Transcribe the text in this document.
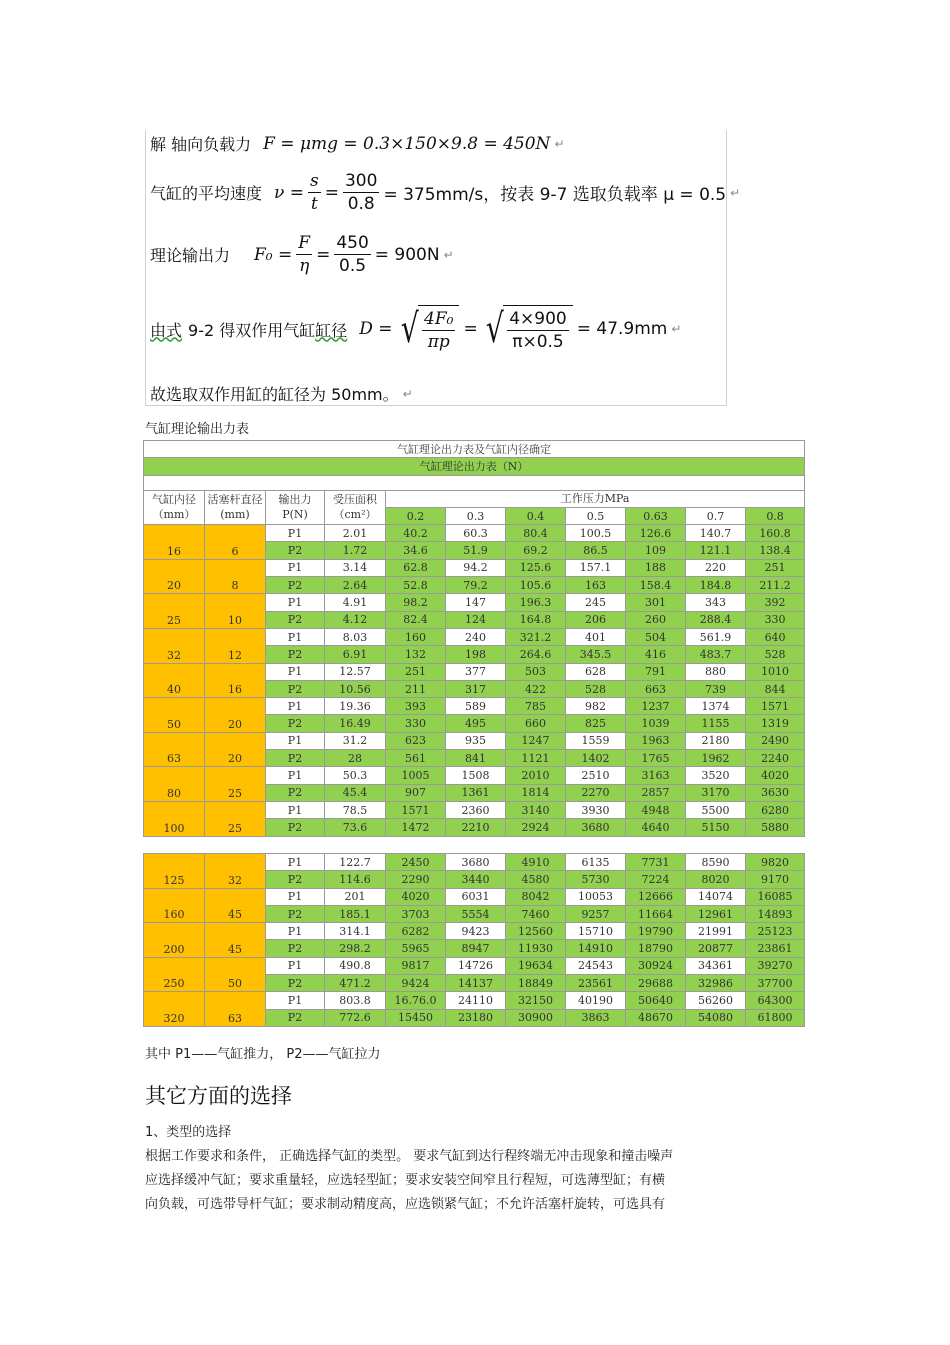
解 轴向负载力 F = μmg = 0.3×150×9.8 = 450N ↵
气缸的平均速度 $\nu = \frac{s}{t} = \frac{300}{0.8} = 375mm/s$，按表 9-7 选取负载率 μ = 0.5 ↵
理论输出力 $F_0 = \frac{F}{\eta} = \frac{450}{0.5} = 900N$ ↵
由式 9-2 得双作用气缸 缸径 D = √ $\frac{\text{4F₀}}{\pi p}$ = √ $\frac{4\times 900}{\pi\times 0.5} = 47.9mm$ ↵
故选取双作用缸的缸径为 50mm。 ↵
气缸理论输出力表
气缸理论出力表及气缸内径确定										
气缸理论出力表（N）										

气缸内径（mm）	活塞杆直径(mm)	输出力P(N)	受压面积（cm²）	工作压力MPa						
				0.2	0.3	0.4	0.5	0.63	0.7	0.8
16	6	P1	2.01	40.2	60.3	80.4	100.5	126.6	140.7	160.8
		P2	1.72	34.6	51.9	69.2	86.5	109	121.1	138.4
20	8	P1	3.14	62.8	94.2	125.6	157.1	188	220	251
		P2	2.64	52.8	79.2	105.6	163	158.4	184.8	211.2
25	10	P1	4.91	98.2	147	196.3	245	301	343	392
		P2	4.12	82.4	124	164.8	206	260	288.4	330
32	12	P1	8.03	160	240	321.2	401	504	561.9	640
		P2	6.91	132	198	264.6	345.5	416	483.7	528
40	16	P1	12.57	251	377	503	628	791	880	1010
		P2	10.56	211	317	422	528	663	739	844
50	20	P1	19.36	393	589	785	982	1237	1374	1571
		P2	16.49	330	495	660	825	1039	1155	1319
63	20	P1	31.2	623	935	1247	1559	1963	2180	2490
		P2	28	561	841	1121	1402	1765	1962	2240
80	25	P1	50.3	1005	1508	2010	2510	3163	3520	4020
		P2	45.4	907	1361	1814	2270	2857	3170	3630
100	25	P1	78.5	1571	2360	3140	3930	4948	5500	6280
		P2	73.6	1472	2210	2924	3680	4640	5150	5880
125	32	P1	122.7	2450	3680	4910	6135	7731	8590	9820
		P2	114.6	2290	3440	4580	5730	7224	8020	9170
160	45	P1	201	4020	6031	8042	10053	12666	14074	16085
		P2	185.1	3703	5554	7460	9257	11664	12961	14893
200	45	P1	314.1	6282	9423	12560	15710	19790	21991	25123
		P2	298.2	5965	8947	11930	14910	18790	20877	23861
250	50	P1	490.8	9817	14726	19634	24543	30924	34361	39270
		P2	471.2	9424	14137	18849	23561	29688	32986	37700
320	63	P1	803.8	16.76.0	24110	32150	40190	50640	56260	64300
		P2	772.6	15450	23180	30900	3863	48670	54080	61800
其中 P1——气缸推力， P2——气缸拉力
其它方面的选择
1、类型的选择
根据工作要求和条件， 正确选择气缸的类型。 要求气缸到达行程终端无冲击现象和撞击噪声
应选择缓冲气缸；要求重量轻，应选轻型缸；要求安装空间窄且行程短，可选薄型缸；有横
向负载，可选带导杆气缸；要求制动精度高，应选锁紧气缸；不允许活塞杆旋转，可选具有
